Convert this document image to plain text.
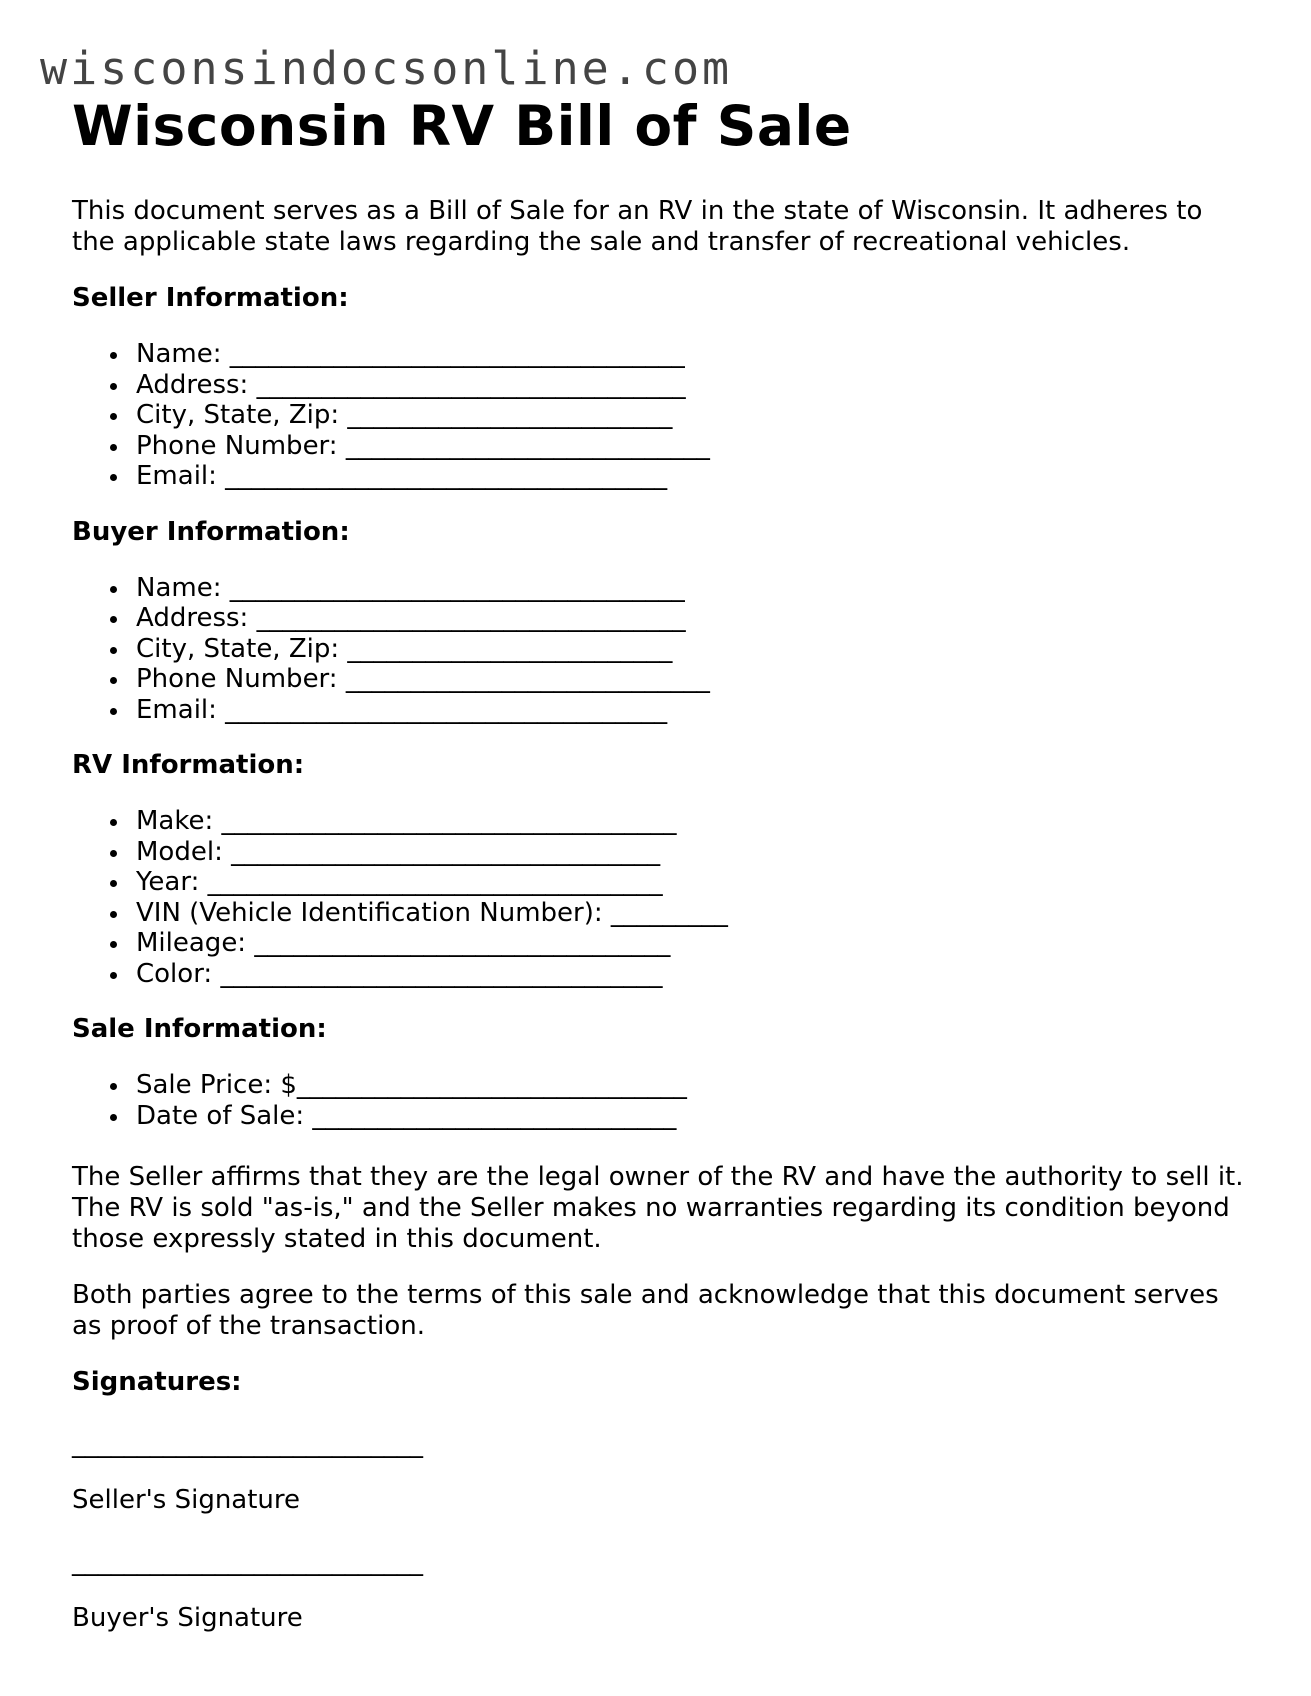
wisconsindocsonline.com
Wisconsin RV Bill of Sale

This document serves as a Bill of Sale for an RV in the state of Wisconsin. It adheres to the applicable state laws regarding the sale and transfer of recreational vehicles.

Seller Information:
Name: ___________________________________
Address: _________________________________
City, State, Zip: _________________________
Phone Number: ____________________________
Email: __________________________________
Buyer Information:
Name: ___________________________________
Address: _________________________________
City, State, Zip: _________________________
Phone Number: ____________________________
Email: __________________________________
RV Information:
Make: ___________________________________
Model: _________________________________
Year: ___________________________________
VIN (Vehicle Identification Number): _________
Mileage: ________________________________
Color: __________________________________
Sale Information:
Sale Price: $______________________________
Date of Sale: ____________________________

The Seller affirms that they are the legal owner of the RV and have the authority to sell it. The RV is sold "as-is," and the Seller makes no warranties regarding its condition beyond those expressly stated in this document.

Both parties agree to the terms of this sale and acknowledge that this document serves as proof of the transaction.

Signatures:
___________________________
Seller's Signature
___________________________
Buyer's Signature
